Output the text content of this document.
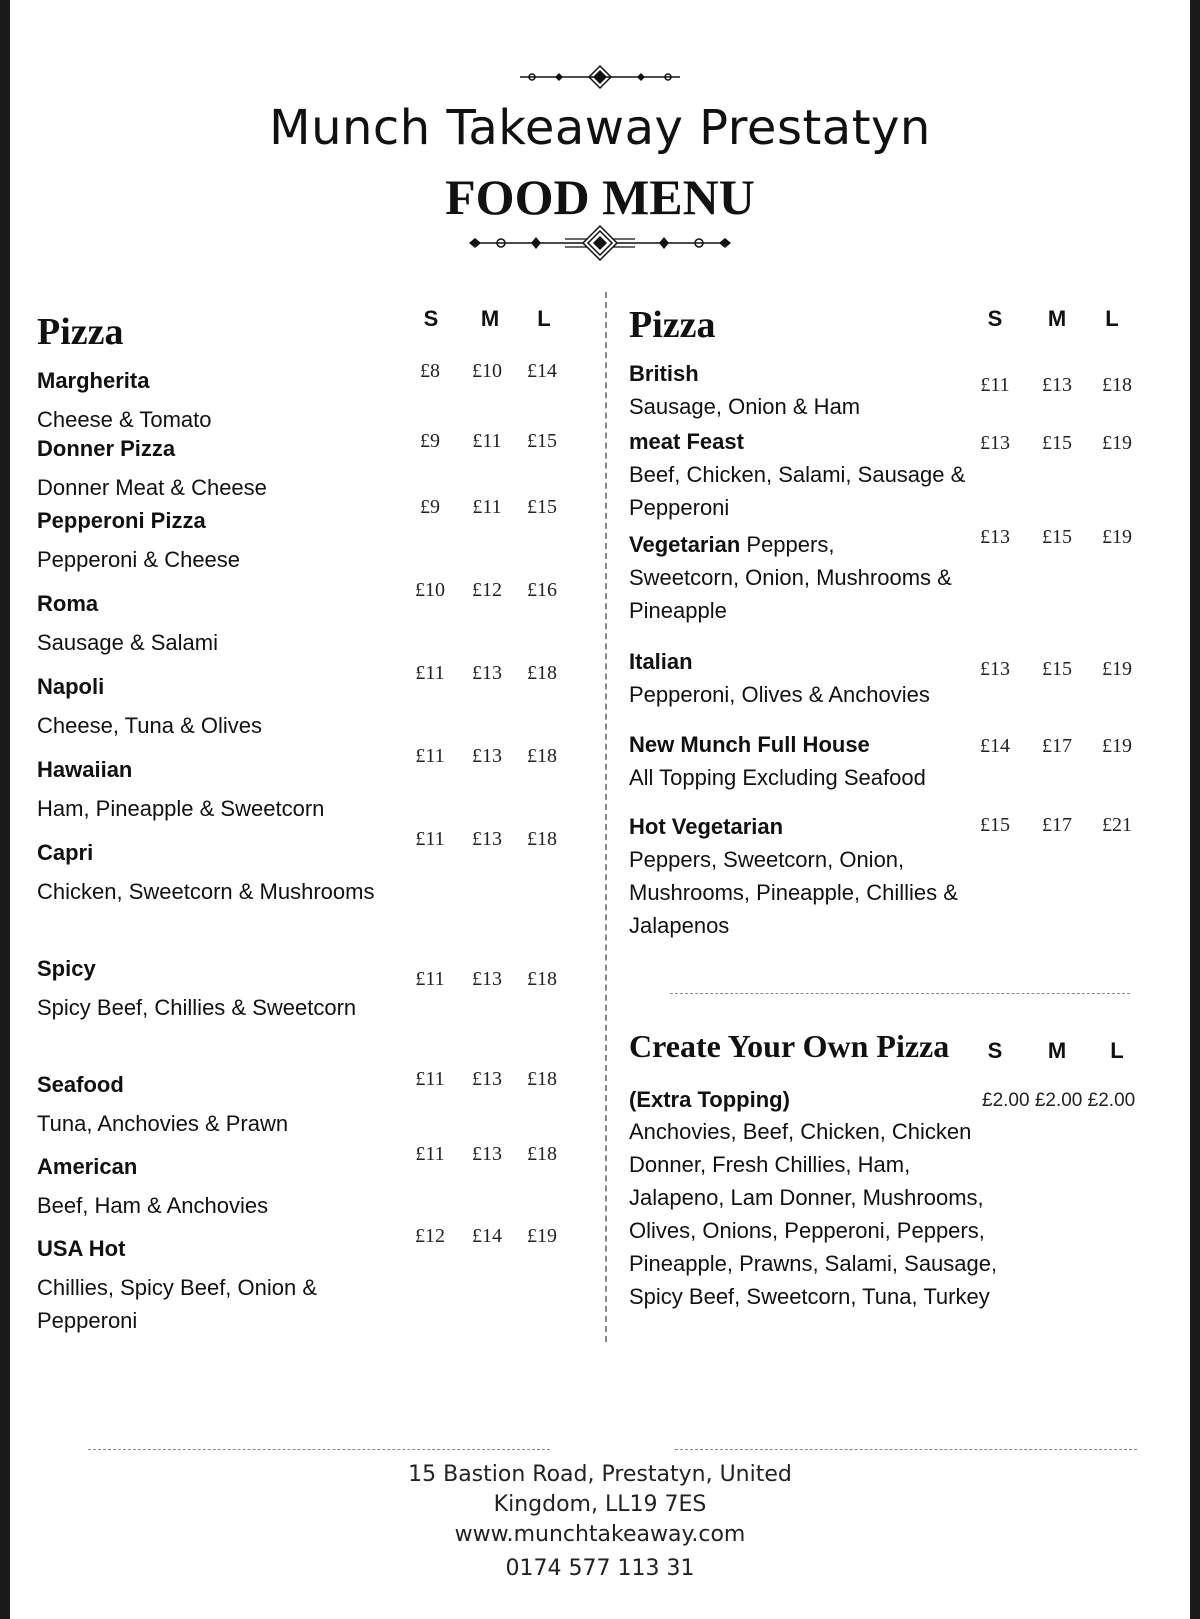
Munch Takeaway Prestatyn
FOOD MENU
Pizza	S	M	L
Margherita
Cheese & Tomato
£8	£10	£14
Donner Pizza
Donner Meat & Cheese
£9	£11	£15
Pepperoni Pizza
Pepperoni & Cheese
£9	£11	£15
Roma
Sausage & Salami
£10	£12	£16
Napoli
Cheese, Tuna & Olives
£11	£13	£18
Hawaiian
Ham, Pineapple & Sweetcorn
£11	£13	£18
Capri
Chicken, Sweetcorn & Mushrooms
£11	£13	£18
Spicy
Spicy Beef, Chillies & Sweetcorn
£11	£13	£18
Seafood
Tuna, Anchovies & Prawn
£11	£13	£18
American
Beef, Ham & Anchovies
£11	£13	£18
USA Hot
Chillies, Spicy Beef, Onion & Pepperoni
£12	£14	£19
Pizza	S	M	L
British
Sausage, Onion & Ham
£11	£13	£18
meat Feast
Beef, Chicken, Salami, Sausage & Pepperoni
£13	£15	£19
Vegetarian Peppers,
Sweetcorn, Onion, Mushrooms & Pineapple
£13	£15	£19
Italian
Pepperoni, Olives & Anchovies
£13	£15	£19
New Munch Full House
All Topping Excluding Seafood
£14	£17	£19
Hot Vegetarian
Peppers, Sweetcorn, Onion, Mushrooms, Pineapple, Chillies & Jalapenos
£15	£17	£21
Create Your Own Pizza	S	M	L
(Extra Topping)
Anchovies, Beef, Chicken, Chicken Donner, Fresh Chillies, Ham, Jalapeno, Lam Donner, Mushrooms, Olives, Onions, Pepperoni, Peppers, Pineapple, Prawns, Salami, Sausage, Spicy Beef, Sweetcorn, Tuna, Turkey
£2.00 £2.00 £2.00
15 Bastion Road, Prestatyn, United
Kingdom, LL19 7ES
www.munchtakeaway.com
0174 577 113 31
